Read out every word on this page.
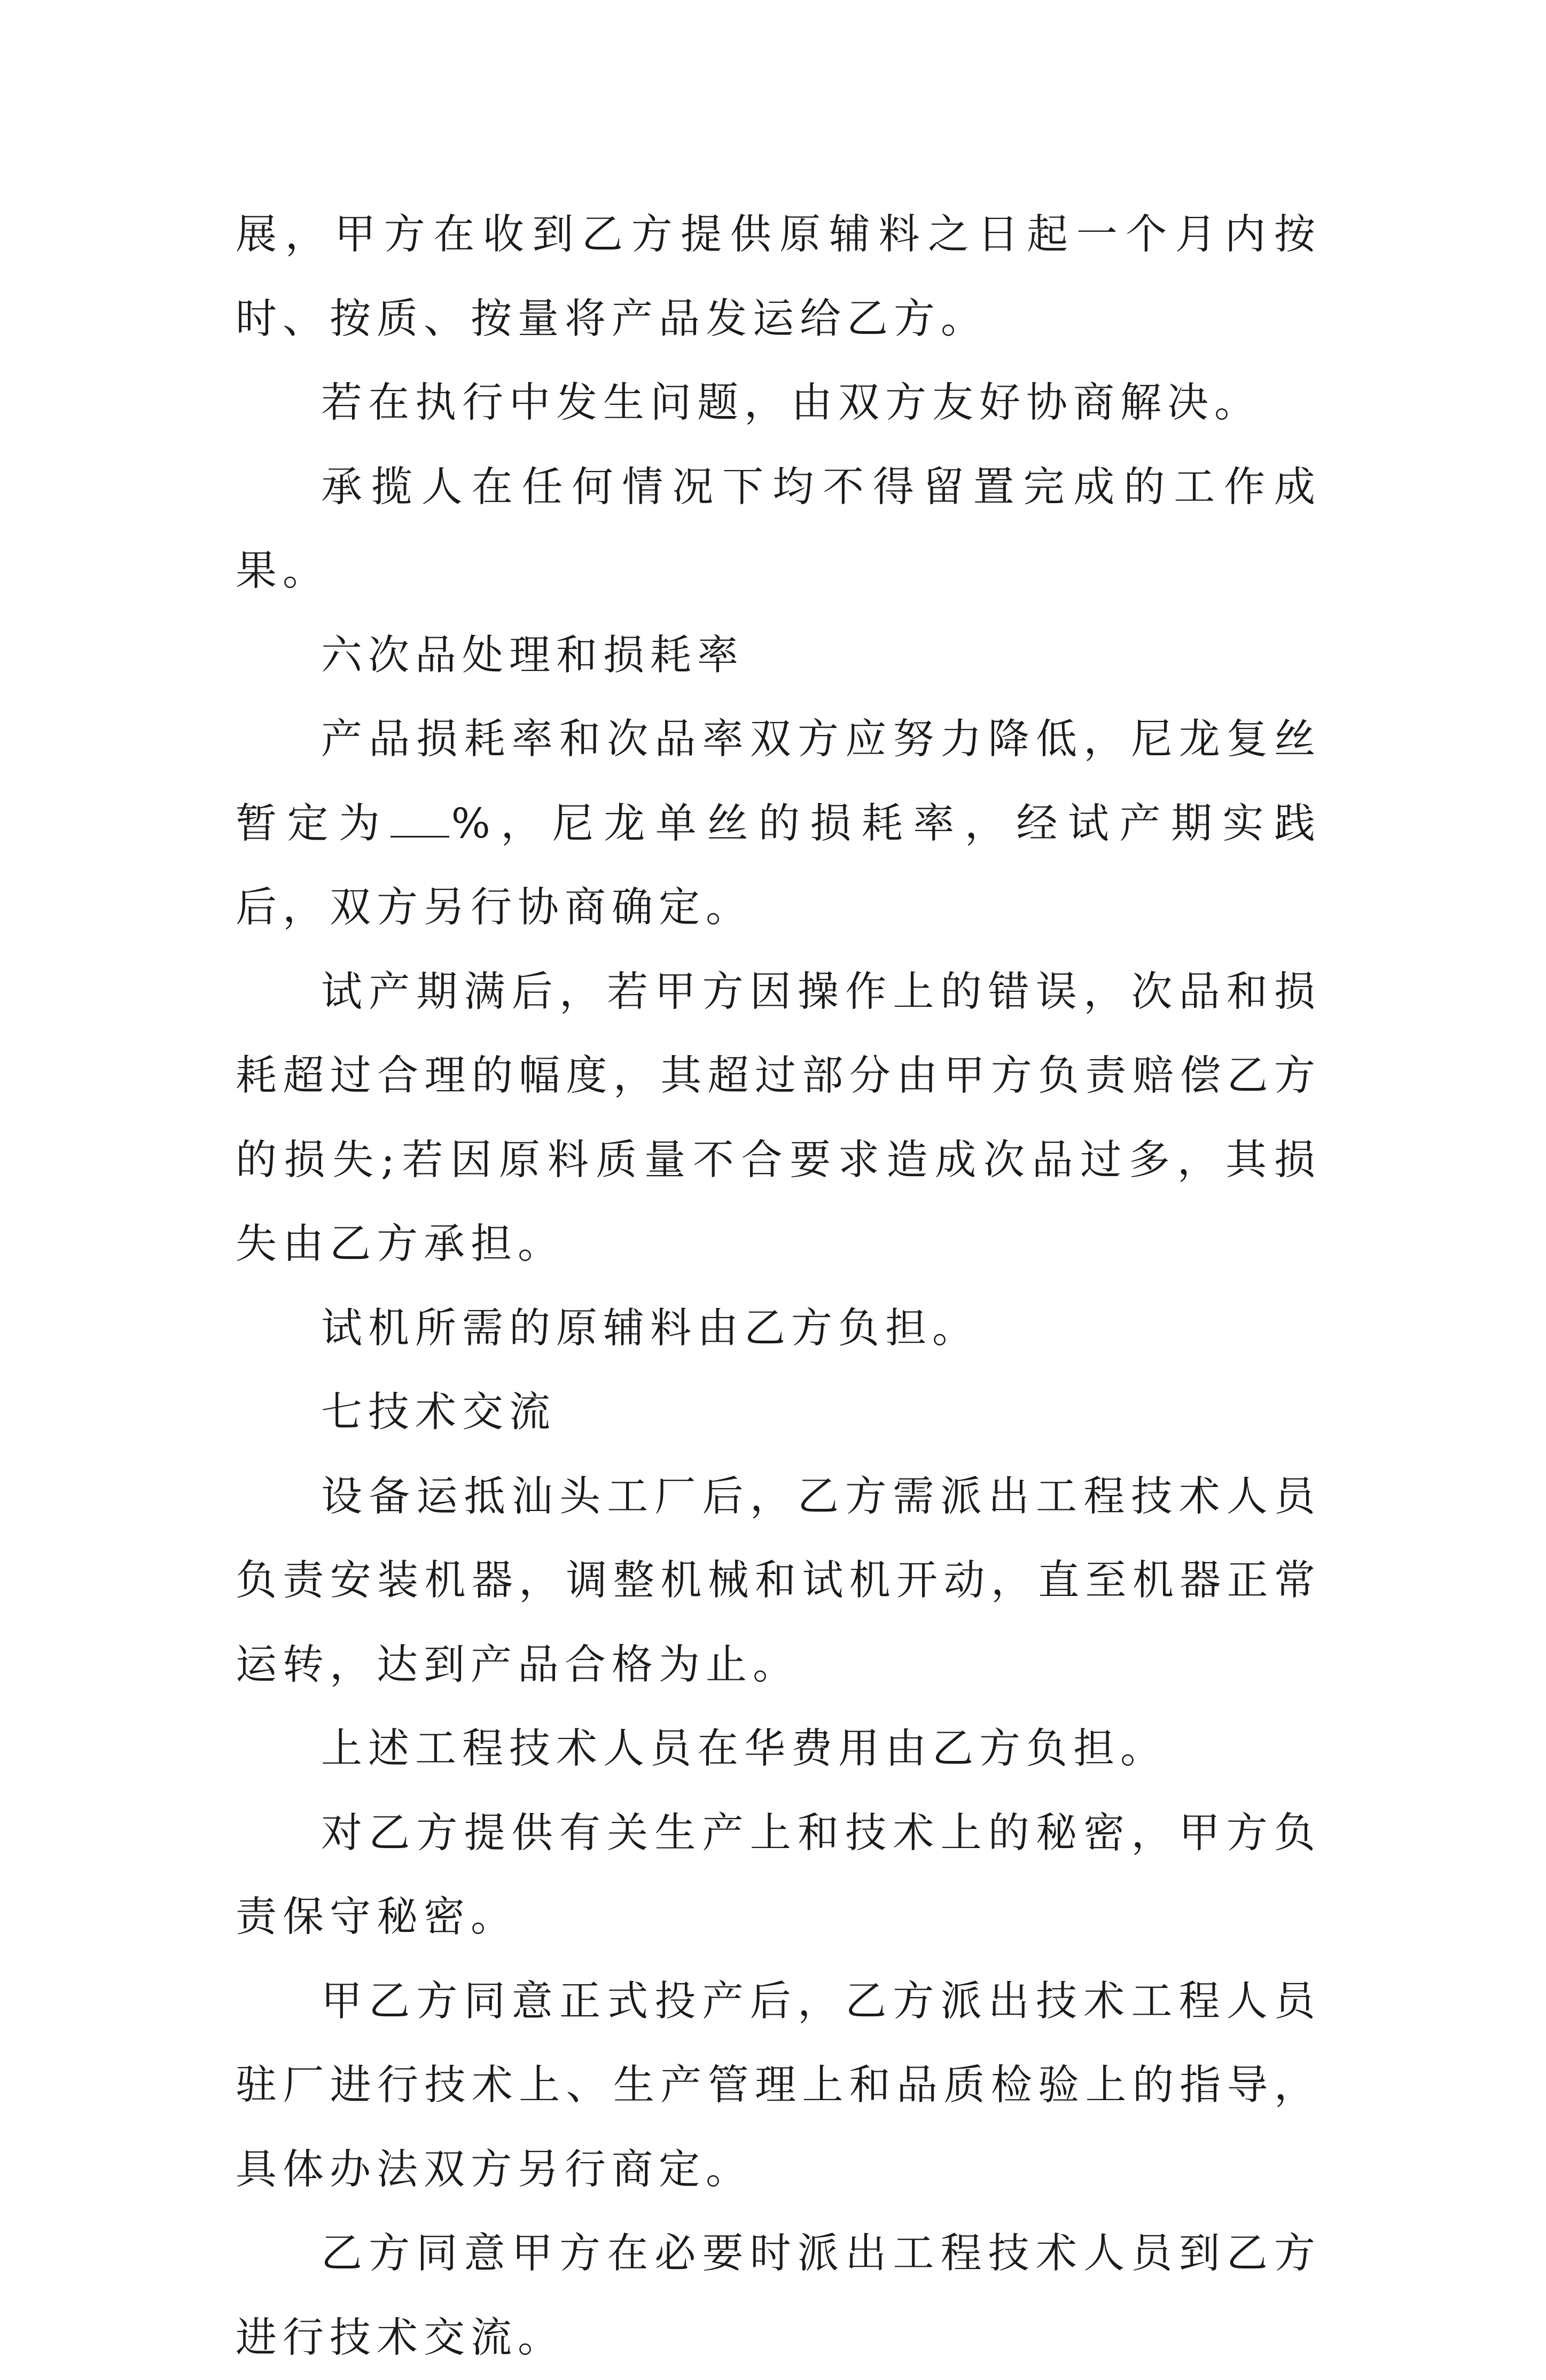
展，甲方在收到乙方提供原辅料之日起一个月内按时、按质、按量将产品发运给乙方。

若在执行中发生问题，由双方友好协商解决。

承揽人在任何情况下均不得留置完成的工作成果。

六次品处理和损耗率

产品损耗率和次品率双方应努力降低，尼龙复丝暂定为 %，尼龙单丝的损耗率，经试产期实践后，双方另行协商确定。

试产期满后，若甲方因操作上的错误，次品和损耗超过合理的幅度，其超过部分由甲方负责赔偿乙方的损失;若因原料质量不合要求造成次品过多，其损失由乙方承担。

试机所需的原辅料由乙方负担。

七技术交流

设备运抵汕头工厂后，乙方需派出工程技术人员负责安装机器，调整机械和试机开动，直至机器正常运转，达到产品合格为止。

上述工程技术人员在华费用由乙方负担。

对乙方提供有关生产上和技术上的秘密，甲方负责保守秘密。

甲乙方同意正式投产后，乙方派出技术工程人员驻厂进行技术上、生产管理上和品质检验上的指导，具体办法双方另行商定。

乙方同意甲方在必要时派出工程技术人员到乙方进行技术交流。
